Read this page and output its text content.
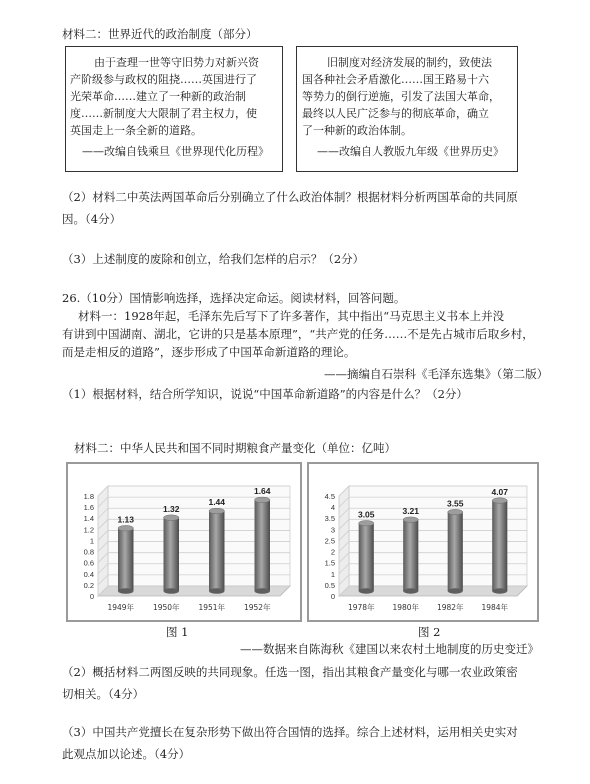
材料二：世界近代的政治制度（部分）
由于查理一世等守旧势力对新兴资
产阶级参与政权的阻挠……英国进行了
光荣革命……建立了一种新的政治制
度……新制度大大限制了君主权力，使
英国走上一条全新的道路。
——改编自钱乘旦《世界现代化历程》
旧制度对经济发展的制约，致使法
国各种社会矛盾激化……国王路易十六
等势力的倒行逆施，引发了法国大革命，
最终以人民广泛参与的彻底革命，确立
了一种新的政治体制。
——改编自人教版九年级《世界历史》
（2）材料二中英法两国革命后分别确立了什么政治体制？根据材料分析两国革命的共同原
因。（4分）
（3）上述制度的废除和创立，给我们怎样的启示？（2分）
26.（10分）国情影响选择，选择决定命运。阅读材料，回答问题。
材料一：1928年起，毛泽东先后写下了许多著作，其中指出“马克思主义书本上并没
有讲到中国湖南、湖北，它讲的只是基本原理”，“共产党的任务……不是先占城市后取乡村，
而是走相反的道路”，逐步形成了中国革命新道路的理论。
——摘编自石崇科《毛泽东选集》（第二版）
（1）根据材料，结合所学知识，说说“中国革命新道路”的内容是什么？（2分）
材料二：中华人民共和国不同时期粮食产量变化（单位：亿吨）
0
0.2
0.4
0.6
0.8
1
1.2
1.4
1.6
1.8
1.13
1949年
1.32
1950年
1.44
1951年
1.64
1952年
0
0.5
1
1.5
2
2.5
3
3.5
4
4.5
3.05
1978年
3.21
1980年
3.55
1982年
4.07
1984年
图 1	图 2
——数据来自陈海秋《建国以来农村土地制度的历史变迁》
（2）概括材料二两图反映的共同现象。任选一图，指出其粮食产量变化与哪一农业政策密
切相关。（4分）
（3）中国共产党擅长在复杂形势下做出符合国情的选择。综合上述材料，运用相关史实对
此观点加以论述。（4分）
